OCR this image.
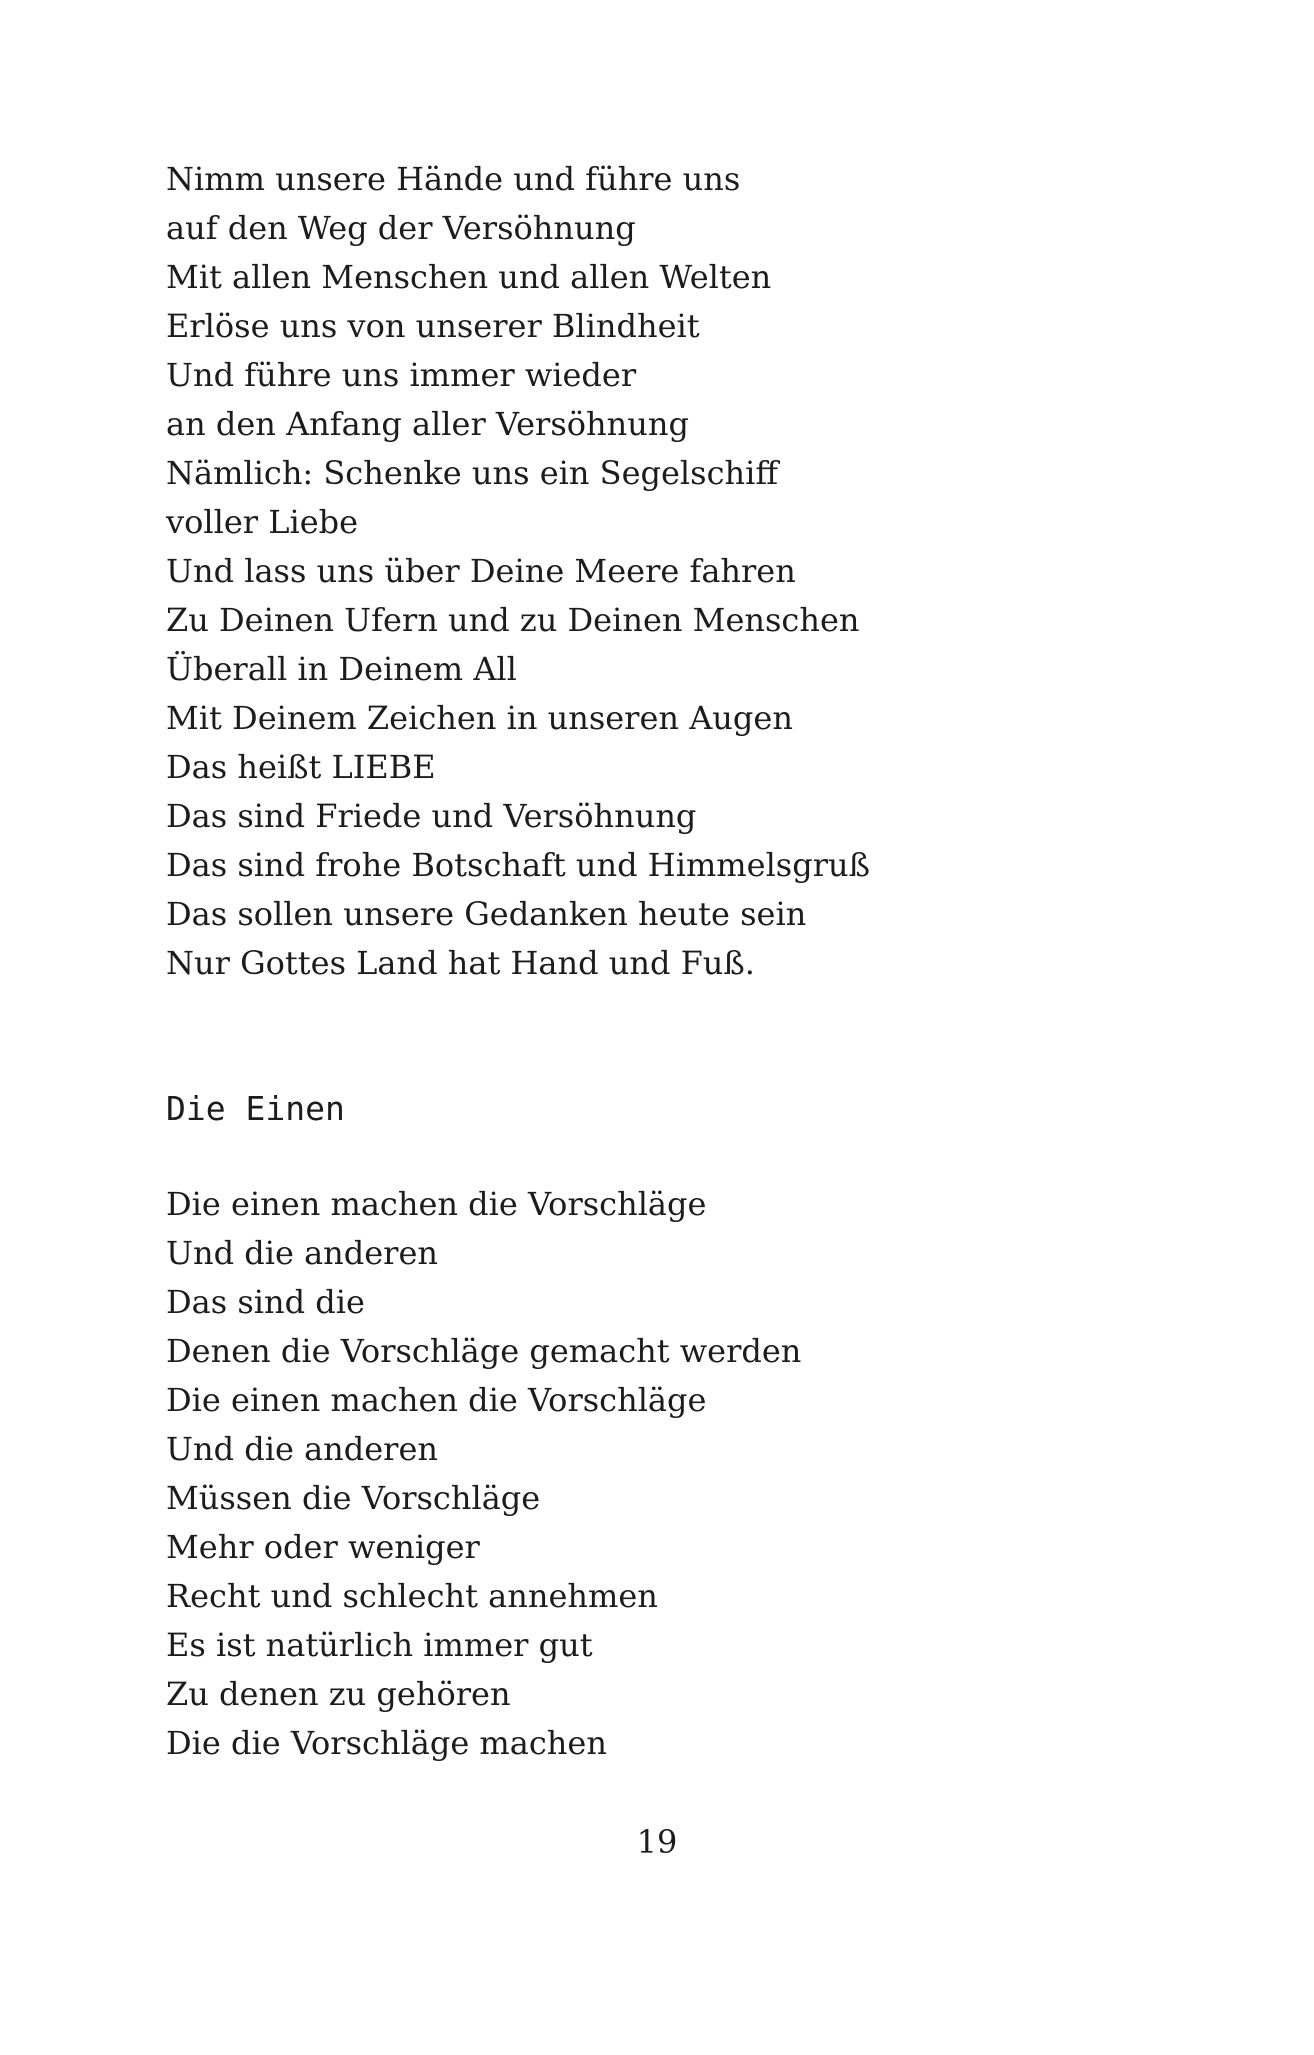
Nimm unsere Hände und führe uns
auf den Weg der Versöhnung
Mit allen Menschen und allen Welten
Erlöse uns von unserer Blindheit
Und führe uns immer wieder
an den Anfang aller Versöhnung
Nämlich: Schenke uns ein Segelschiff
voller Liebe
Und lass uns über Deine Meere fahren
Zu Deinen Ufern und zu Deinen Menschen
Überall in Deinem All
Mit Deinem Zeichen in unseren Augen
Das heißt LIEBE
Das sind Friede und Versöhnung
Das sind frohe Botschaft und Himmelsgruß
Das sollen unsere Gedanken heute sein
Nur Gottes Land hat Hand und Fuß.
Die Einen
Die einen machen die Vorschläge
Und die anderen
Das sind die
Denen die Vorschläge gemacht werden
Die einen machen die Vorschläge
Und die anderen
Müssen die Vorschläge
Mehr oder weniger
Recht und schlecht annehmen
Es ist natürlich immer gut
Zu denen zu gehören
Die die Vorschläge machen
19
